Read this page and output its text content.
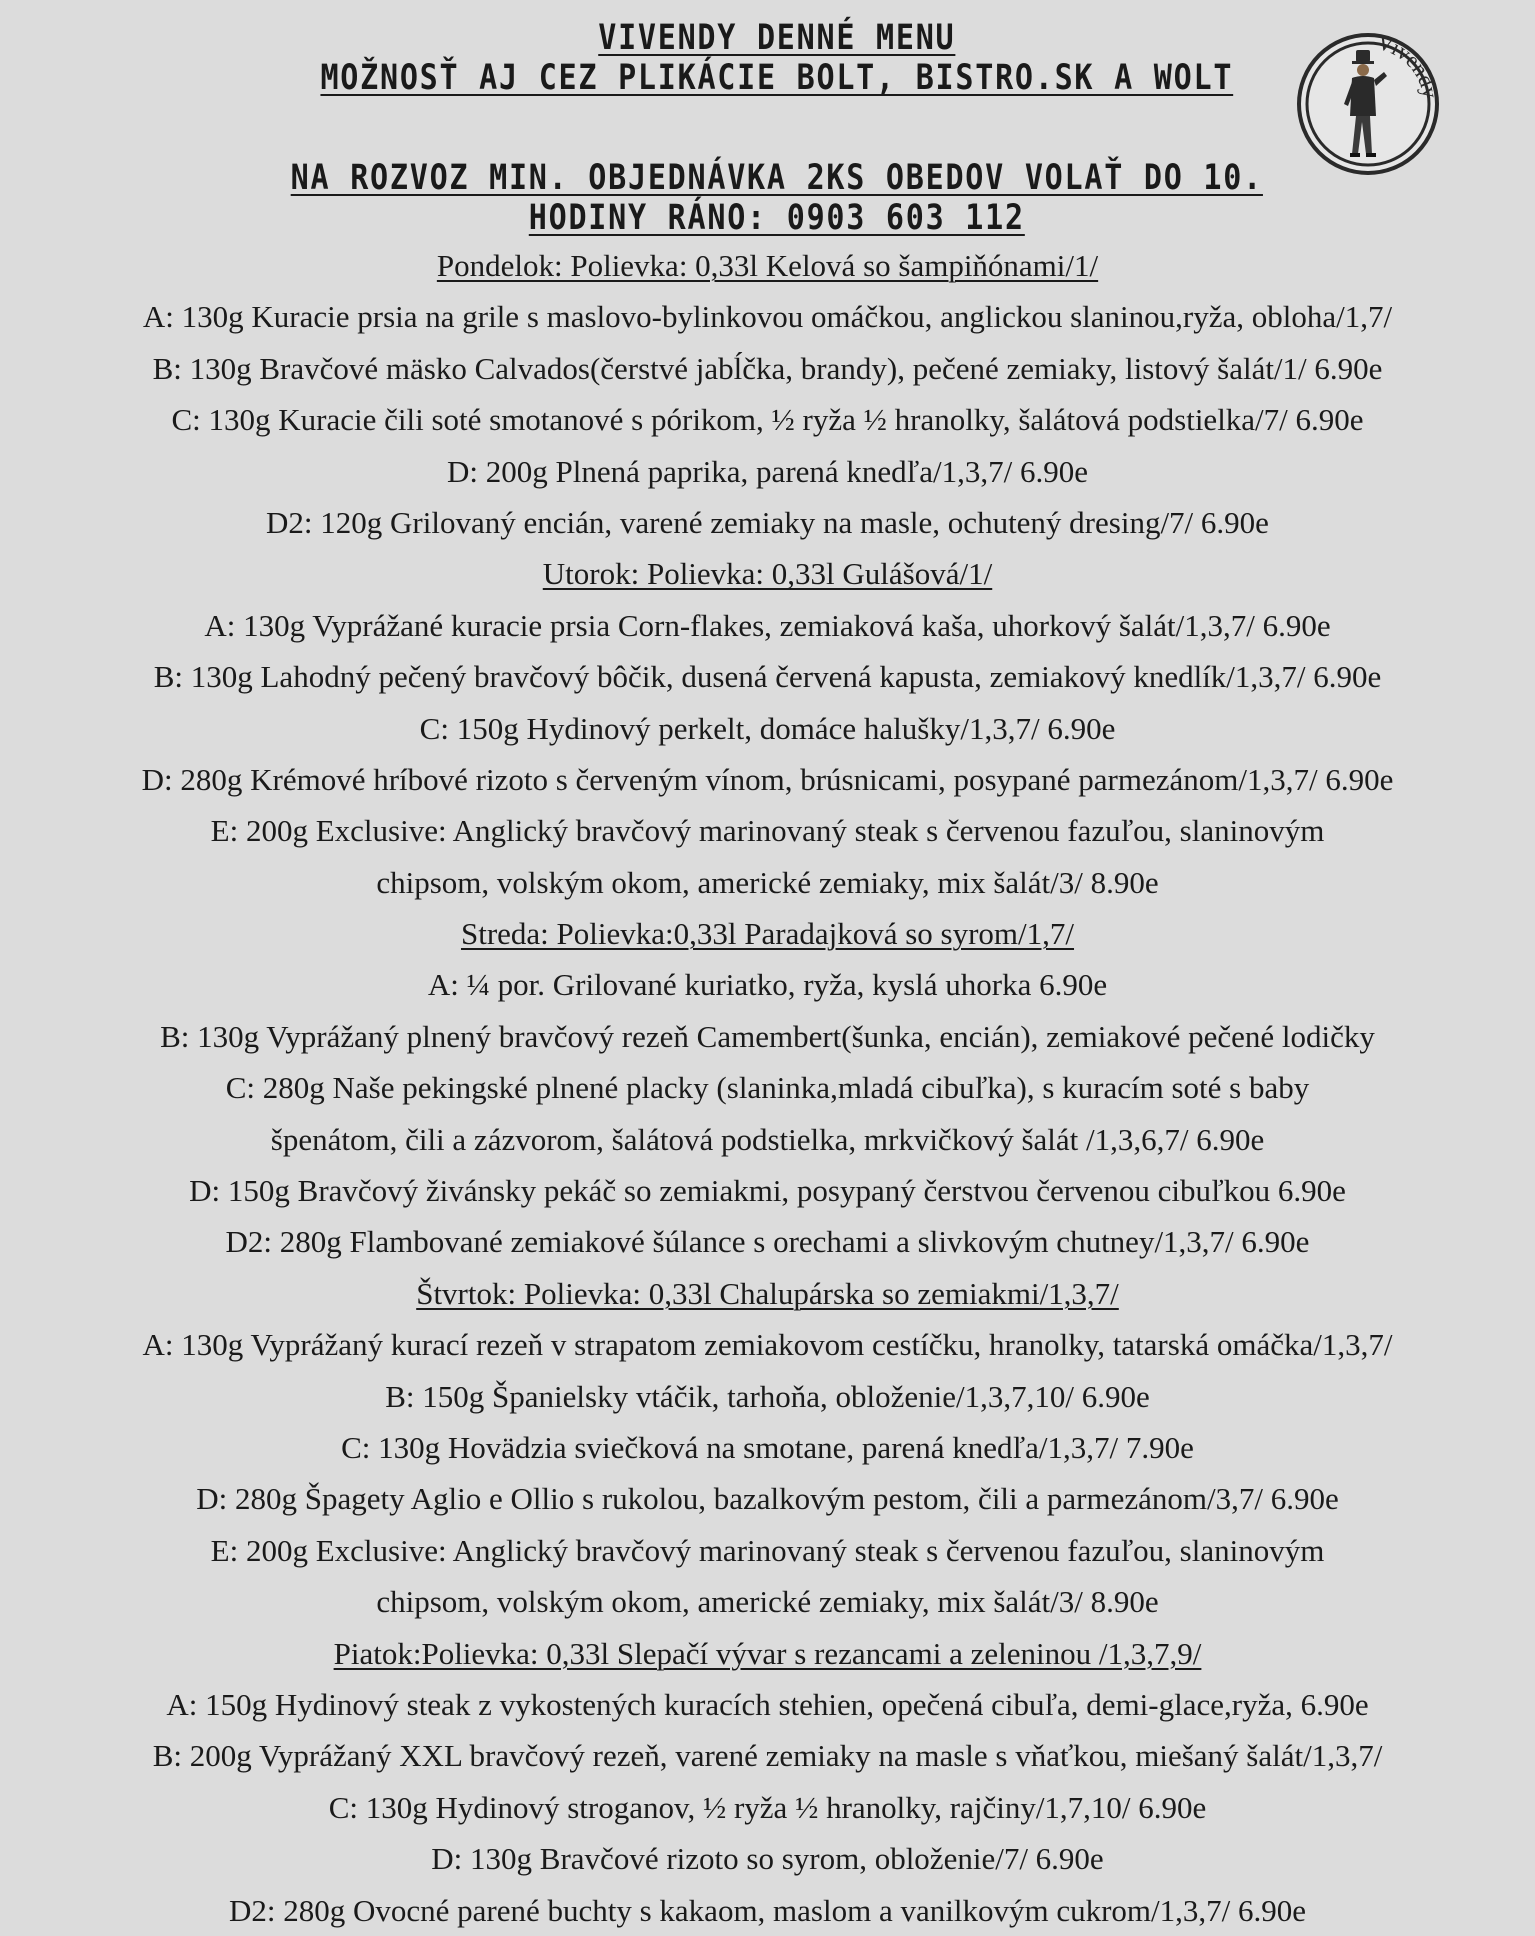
VIVENDY DENNÉ MENU
MOŽNOSŤ AJ CEZ PLIKÁCIE BOLT, BISTRO.SK A WOLT
NA ROZVOZ MIN. OBJEDNÁVKA 2KS OBEDOV VOLAŤ DO 10.
HODINY RÁNO: 0903 603 112
Vivend
Pondelok: Polievka: 0,33l Kelová so šampiňónami/1/
A: 130g Kuracie prsia na grile s maslovo-bylinkovou omáčkou, anglickou slaninou,ryža, obloha/1,7/
B: 130g Bravčové mäsko Calvados(čerstvé jabĺčka, brandy), pečené zemiaky, listový šalát/1/ 6.90e
C: 130g Kuracie čili soté smotanové s pórikom, ½ ryža ½ hranolky, šalátová podstielka/7/ 6.90e
D: 200g Plnená paprika, parená knedľa/1,3,7/ 6.90e
D2: 120g Grilovaný encián, varené zemiaky na masle, ochutený dresing/7/ 6.90e
Utorok: Polievka: 0,33l Gulášová/1/
A: 130g Vyprážané kuracie prsia Corn-flakes, zemiaková kaša, uhorkový šalát/1,3,7/ 6.90e
B: 130g Lahodný pečený bravčový bôčik, dusená červená kapusta, zemiakový knedlík/1,3,7/ 6.90e
C: 150g Hydinový perkelt, domáce halušky/1,3,7/ 6.90e
D: 280g Krémové hríbové rizoto s červeným vínom, brúsnicami, posypané parmezánom/1,3,7/ 6.90e
E: 200g Exclusive: Anglický bravčový marinovaný steak s červenou fazuľou, slaninovým
chipsom, volským okom, americké zemiaky, mix šalát/3/ 8.90e
Streda: Polievka:0,33l Paradajková so syrom/1,7/
A: ¼ por. Grilované kuriatko, ryža, kyslá uhorka 6.90e
B: 130g Vyprážaný plnený bravčový rezeň Camembert(šunka, encián), zemiakové pečené lodičky
C: 280g Naše pekingské plnené placky (slaninka,mladá cibuľka), s kuracím soté s baby
špenátom, čili a zázvorom, šalátová podstielka, mrkvičkový šalát /1,3,6,7/ 6.90e
D: 150g Bravčový živánsky pekáč so zemiakmi, posypaný čerstvou červenou cibuľkou 6.90e
D2: 280g Flambované zemiakové šúlance s orechami a slivkovým chutney/1,3,7/ 6.90e
Štvrtok: Polievka: 0,33l Chalupárska so zemiakmi/1,3,7/
A: 130g Vyprážaný kurací rezeň v strapatom zemiakovom cestíčku, hranolky, tatarská omáčka/1,3,7/
B: 150g Španielsky vtáčik, tarhoňa, obloženie/1,3,7,10/ 6.90e
C: 130g Hovädzia sviečková na smotane, parená knedľa/1,3,7/ 7.90e
D: 280g Špagety Aglio e Ollio s rukolou, bazalkovým pestom, čili a parmezánom/3,7/ 6.90e
E: 200g Exclusive: Anglický bravčový marinovaný steak s červenou fazuľou, slaninovým
chipsom, volským okom, americké zemiaky, mix šalát/3/ 8.90e
Piatok:Polievka: 0,33l Slepačí vývar s rezancami a zeleninou /1,3,7,9/
A: 150g Hydinový steak z vykostených kuracích stehien, opečená cibuľa, demi-glace,ryža, 6.90e
B: 200g Vyprážaný XXL bravčový rezeň, varené zemiaky na masle s vňaťkou, miešaný šalát/1,3,7/
C: 130g Hydinový stroganov, ½ ryža ½ hranolky, rajčiny/1,7,10/ 6.90e
D: 130g Bravčové rizoto so syrom, obloženie/7/ 6.90e
D2: 280g Ovocné parené buchty s kakaom, maslom a vanilkovým cukrom/1,3,7/ 6.90e
